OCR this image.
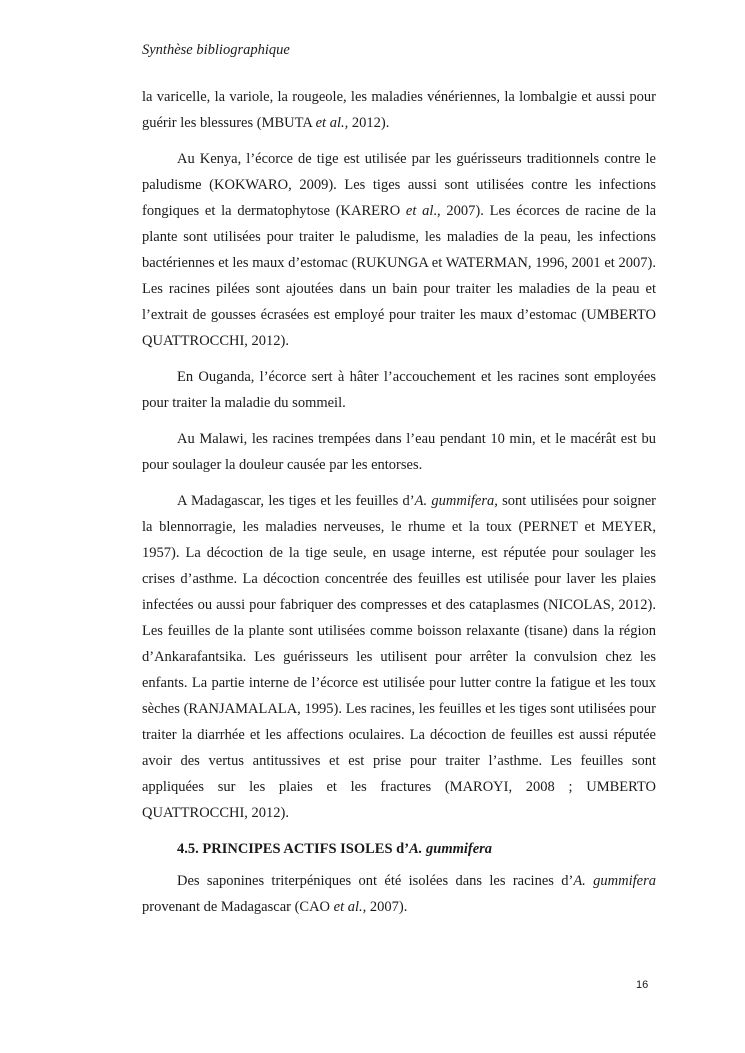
Synthèse bibliographique

la varicelle, la variole, la rougeole, les maladies vénériennes, la lombalgie et aussi pour guérir les blessures (MBUTA et al., 2012).

Au Kenya, l’écorce de tige est utilisée par les guérisseurs traditionnels contre le paludisme (KOKWARO, 2009). Les tiges aussi sont utilisées contre les infections fongiques et la dermatophytose (KARERO et al., 2007). Les écorces de racine de la plante sont utilisées pour traiter le paludisme, les maladies de la peau, les infections bactériennes et les maux d’estomac (RUKUNGA et WATERMAN, 1996, 2001 et 2007). Les racines pilées sont ajoutées dans un bain pour traiter les maladies de la peau et l’extrait de gousses écrasées est employé pour traiter les maux d’estomac (UMBERTO QUATTROCCHI, 2012).

En Ouganda, l’écorce sert à hâter l’accouchement et les racines sont employées pour traiter la maladie du sommeil.

Au Malawi, les racines trempées dans l’eau pendant 10 min, et le macérât est bu pour soulager la douleur causée par les entorses.

A Madagascar, les tiges et les feuilles d’A. gummifera, sont utilisées pour soigner la blennorragie, les maladies nerveuses, le rhume et la toux (PERNET et MEYER, 1957). La décoction de la tige seule, en usage interne, est réputée pour soulager les crises d’asthme. La décoction concentrée des feuilles est utilisée pour laver les plaies infectées ou aussi pour fabriquer des compresses et des cataplasmes (NICOLAS, 2012). Les feuilles de la plante sont utilisées comme boisson relaxante (tisane) dans la région d’Ankarafantsika. Les guérisseurs les utilisent pour arrêter la convulsion chez les enfants. La partie interne de l’écorce est utilisée pour lutter contre la fatigue et les toux sèches (RANJAMALALA, 1995). Les racines, les feuilles et les tiges sont utilisées pour traiter la diarrhée et les affections oculaires. La décoction de feuilles est aussi réputée avoir des vertus antitussives et est prise pour traiter l’asthme. Les feuilles sont appliquées sur les plaies et les fractures (MAROYI, 2008 ; UMBERTO QUATTROCCHI, 2012).

4.5. PRINCIPES ACTIFS ISOLES d’A. gummifera

Des saponines triterpéniques ont été isolées dans les racines d’A. gummifera provenant de Madagascar (CAO et al., 2007).

16
